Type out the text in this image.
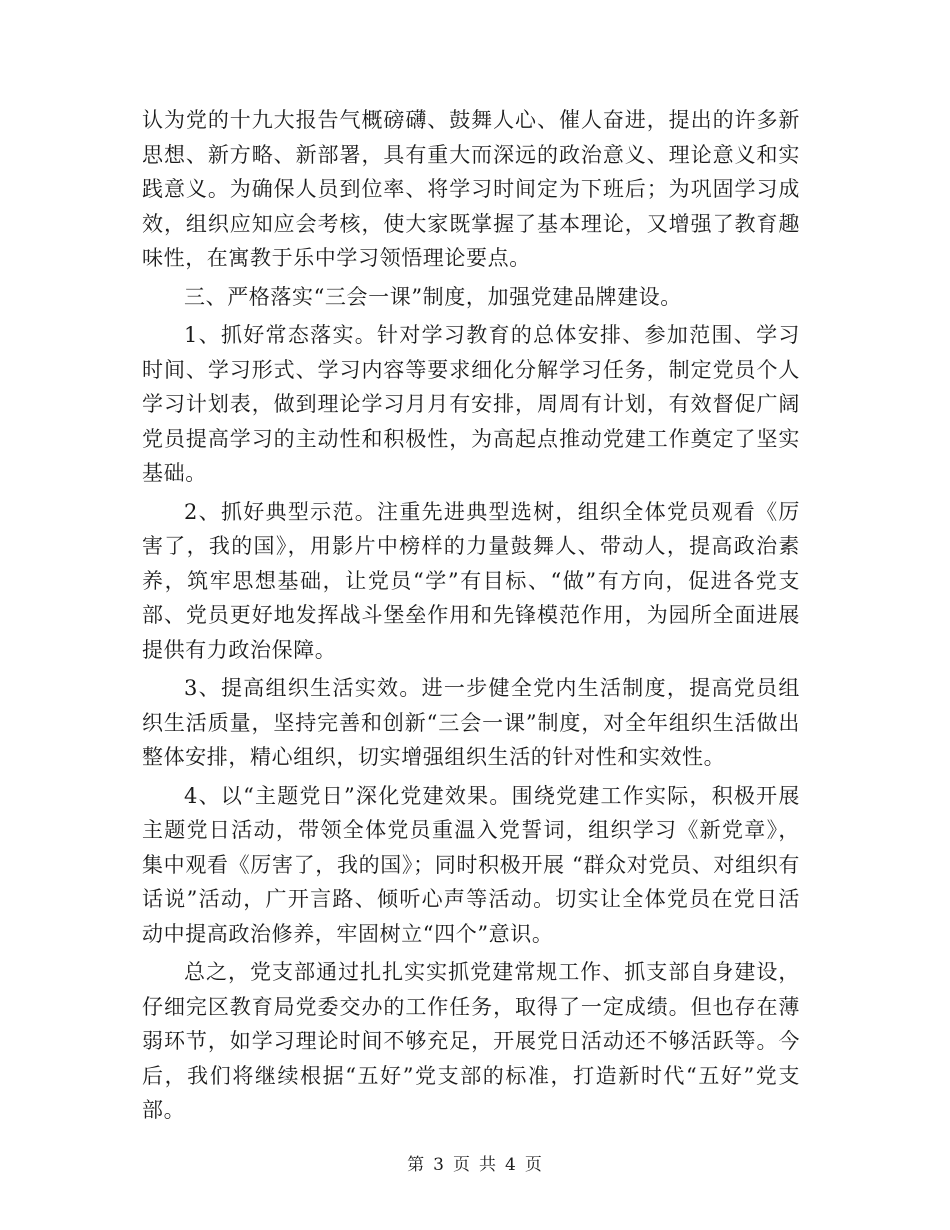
认为党的十九大报告气概磅礴、鼓舞人心、催人奋进，提出的许多新思想、新方略、新部署，具有重大而深远的政治意义、理论意义和实践意义。为确保人员到位率、将学习时间定为下班后；为巩固学习成效，组织应知应会考核，使大家既掌握了基本理论，又增强了教育趣味性，在寓教于乐中学习领悟理论要点。

三、严格落实“三会一课”制度，加强党建品牌建设。

1、抓好常态落实。针对学习教育的总体安排、参加范围、学习时间、学习形式、学习内容等要求细化分解学习任务，制定党员个人学习计划表，做到理论学习月月有安排，周周有计划，有效督促广阔党员提高学习的主动性和积极性，为高起点推动党建工作奠定了坚实基础。

2、抓好典型示范。注重先进典型选树，组织全体党员观看《厉害了，我的国》，用影片中榜样的力量鼓舞人、带动人，提高政治素养，筑牢思想基础，让党员“学”有目标、“做”有方向，促进各党支部、党员更好地发挥战斗堡垒作用和先锋模范作用，为园所全面进展提供有力政治保障。

3、提高组织生活实效。进一步健全党内生活制度，提高党员组织生活质量，坚持完善和创新“三会一课”制度，对全年组织生活做出整体安排，精心组织，切实增强组织生活的针对性和实效性。

4、以“主题党日”深化党建效果。围绕党建工作实际，积极开展主题党日活动，带领全体党员重温入党誓词，组织学习《新党章》，集中观看《厉害了，我的国》；同时积极开展 “群众对党员、对组织有话说”活动，广开言路、倾听心声等活动。切实让全体党员在党日活动中提高政治修养，牢固树立“四个”意识。

总之，党支部通过扎扎实实抓党建常规工作、抓支部自身建设，仔细完区教育局党委交办的工作任务，取得了一定成绩。但也存在薄弱环节，如学习理论时间不够充足，开展党日活动还不够活跃等。今后，我们将继续根据“五好”党支部的标准，打造新时代“五好”党支部。

第 3 页 共 4 页
